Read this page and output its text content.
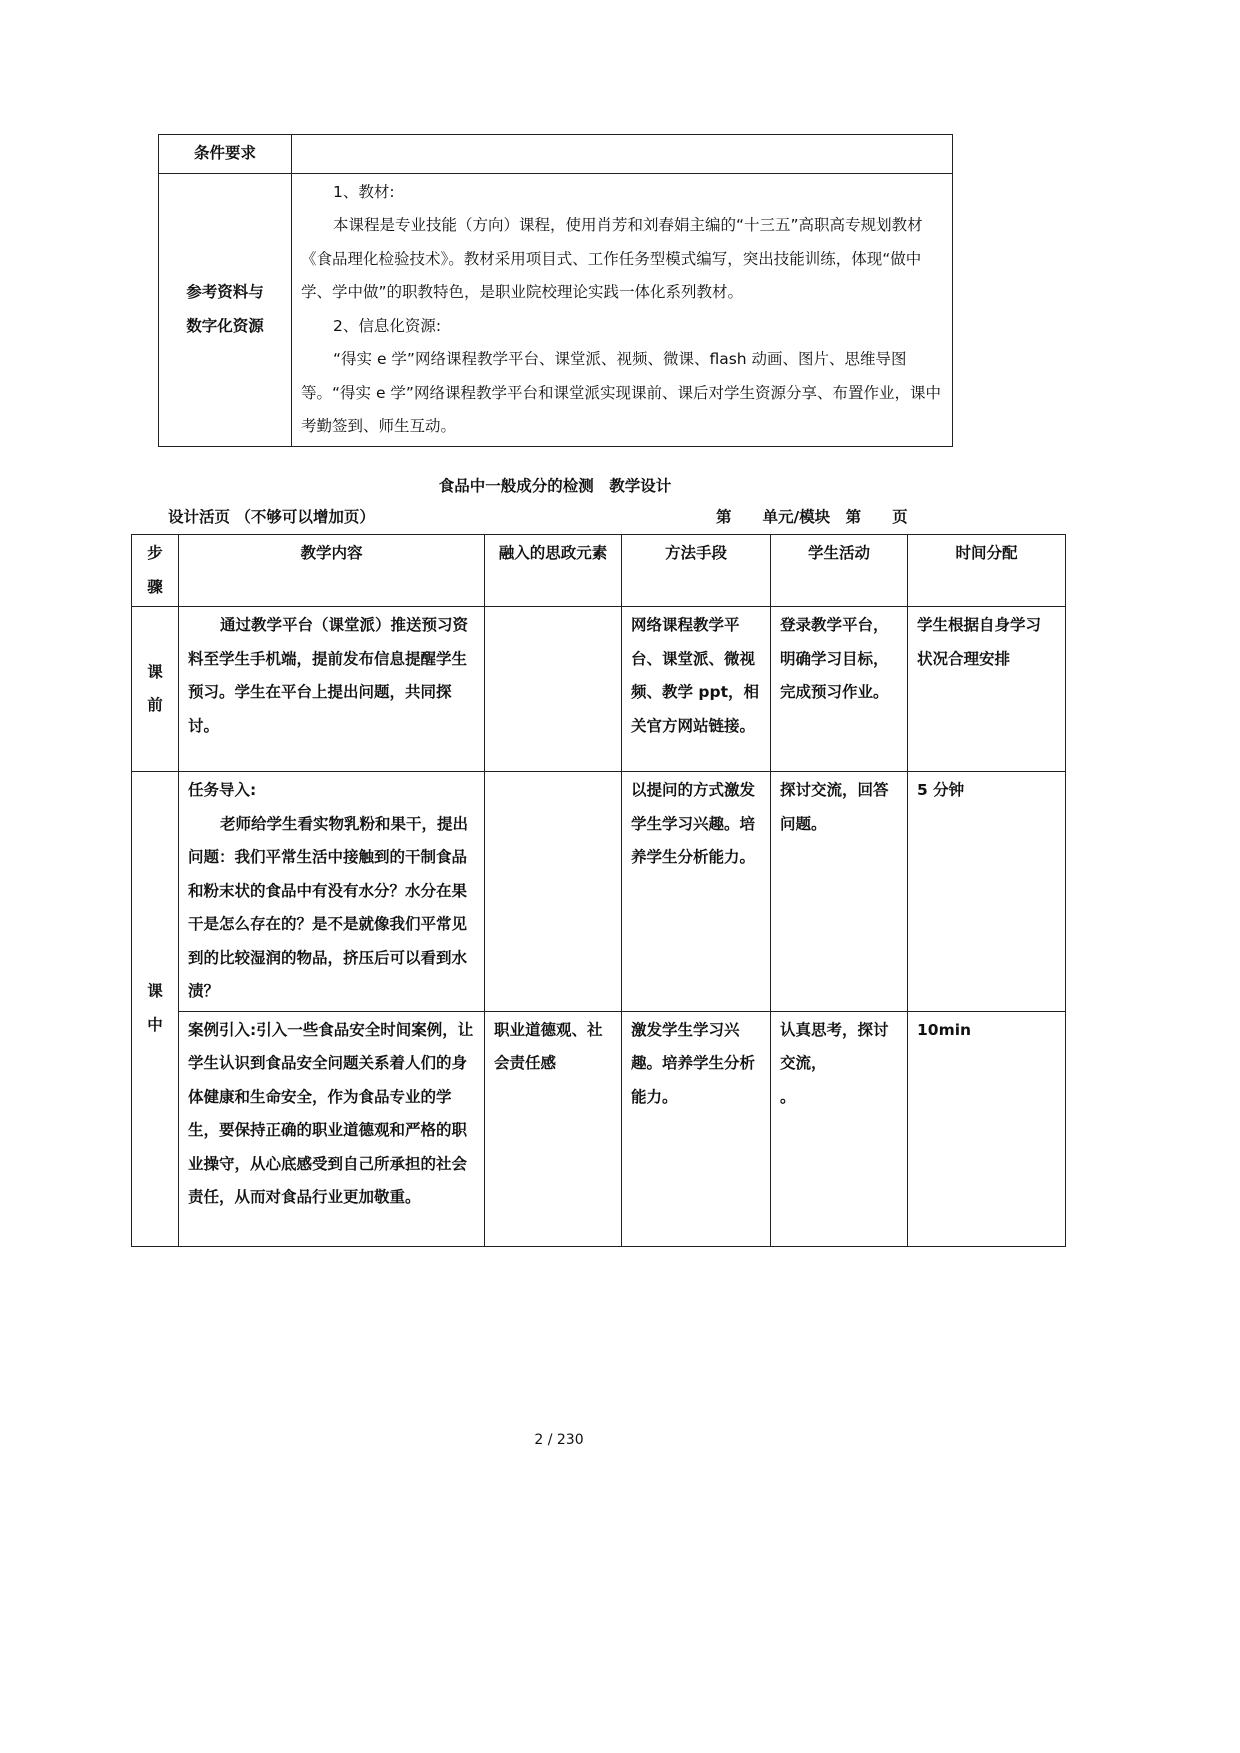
条件要求	

参考资料与数字化资源	1、教材:

本课程是专业技能（方向）课程，使用肖芳和刘春娟主编的“十三五”高职高专规划教材《食品理化检验技术》。教材采用项目式、工作任务型模式编写，突出技能训练，体现“做中学、学中做”的职教特色，是职业院校理论实践一体化系列教材。

2、信息化资源:

“得实 e 学”网络课程教学平台、课堂派、视频、微课、flash 动画、图片、思维导图等。“得实 e 学”网络课程教学平台和课堂派实现课前、课后对学生资源分享、布置作业，课中考勤签到、师生互动。

食品中一般成分的检测　教学设计
设计活页 （不够可以增加页）	第　　单元/模块　第　　页
步骤	教学内容	融入的思政元素	方法手段	学生活动	时间分配

课前	通过教学平台（课堂派）推送预习资料至学生手机端，提前发布信息提醒学生预习。学生在平台上提出问题，共同探讨。		网络课程教学平台、课堂派、微视频、教学 ppt，相关官方网站链接。	登录教学平台，明确学习目标，完成预习作业。	学生根据自身学习状况合理安排

课中	任务导入:
老师给学生看实物乳粉和果干，提出问题：我们平常生活中接触到的干制食品和粉末状的食品中有没有水分？水分在果干是怎么存在的？是不是就像我们平常见到的比较湿润的物品，挤压后可以看到水渍？		以提问的方式激发学生学习兴趣。培养学生分析能力。	探讨交流，回答问题。	5 分钟
	案例引入:引入一些食品安全时间案例，让学生认识到食品安全问题关系着人们的身体健康和生命安全，作为食品专业的学生，要保持正确的职业道德观和严格的职业操守，从心底感受到自己所承担的社会责任，从而对食品行业更加敬重。	职业道德观、社会责任感	激发学生学习兴趣。培养学生分析能力。	认真思考，探讨交流，
。	10min
2 / 230
